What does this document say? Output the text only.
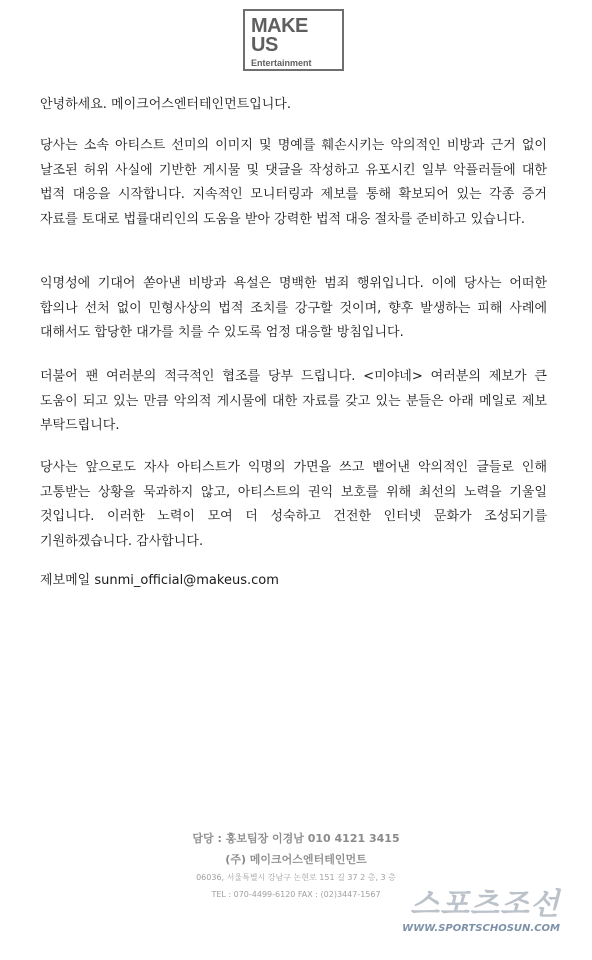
MAKE
US
Entertainment

안녕하세요. 메이크어스엔터테인먼트입니다.

당사는 소속 아티스트 선미의 이미지 및 명예를 훼손시키는 악의적인 비방과 근거 없이 날조된 허위 사실에 기반한 게시물 및 댓글을 작성하고 유포시킨 일부 악플러들에 대한 법적 대응을 시작합니다. 지속적인 모니터링과 제보를 통해 확보되어 있는 각종 증거 자료를 토대로 법률대리인의 도움을 받아 강력한 법적 대응 절차를 준비하고 있습니다.

익명성에 기대어 쏟아낸 비방과 욕설은 명백한 범죄 행위입니다. 이에 당사는 어떠한 합의나 선처 없이 민형사상의 법적 조치를 강구할 것이며, 향후 발생하는 피해 사례에 대해서도 합당한 대가를 치를 수 있도록 엄정 대응할 방침입니다.

더불어 팬 여러분의 적극적인 협조를 당부 드립니다. <미야네> 여러분의 제보가 큰 도움이 되고 있는 만큼 악의적 게시물에 대한 자료를 갖고 있는 분들은 아래 메일로 제보 부탁드립니다.

당사는 앞으로도 자사 아티스트가 익명의 가면을 쓰고 뱉어낸 악의적인 글들로 인해 고통받는 상황을 묵과하지 않고, 아티스트의 권익 보호를 위해 최선의 노력을 기울일 것입니다. 이러한 노력이 모여 더 성숙하고 건전한 인터넷 문화가 조성되기를 기원하겠습니다. 감사합니다.

제보메일 sunmi_official@makeus.com

담당 : 홍보팀장 이경남 010 4121 3415

(주) 메이크어스엔터테인먼트

06036, 서울특별시 강남구 논현로 151 길 37 2 층, 3 층

TEL : 070-4499-6120 FAX : (02)3447-1567 스포츠조선
WWW.SPORTSCHOSUN.COM
